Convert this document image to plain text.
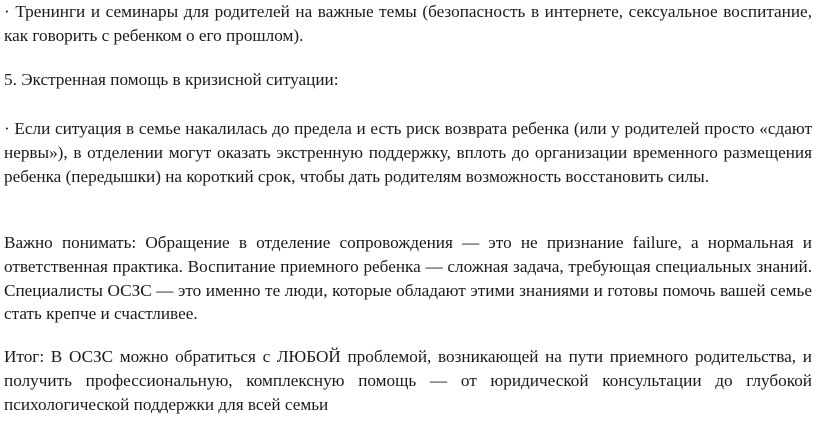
· Тренинги и семинары для родителей на важные темы (безопасность в интернете, сексуальное воспитание, как говорить с ребенком о его прошлом).

5. Экстренная помощь в кризисной ситуации:

· Если ситуация в семье накалилась до предела и есть риск возврата ребенка (или у родителей просто «сдают нервы»), в отделении могут оказать экстренную поддержку, вплоть до организации временного размещения ребенка (передышки) на короткий срок, чтобы дать родителям возможность восстановить силы.

Важно понимать: Обращение в отделение сопровождения — это не признание failure, а нормальная и ответственная практика. Воспитание приемного ребенка — сложная задача, требующая специальных знаний. Специалисты ОСЗС — это именно те люди, которые обладают этими знаниями и готовы помочь вашей семье стать крепче и счастливее.

Итог: В ОСЗС можно обратиться с ЛЮБОЙ проблемой, возникающей на пути приемного родительства, и получить профессиональную, комплексную помощь — от юридической консультации до глубокой психологической поддержки для всей семьи
